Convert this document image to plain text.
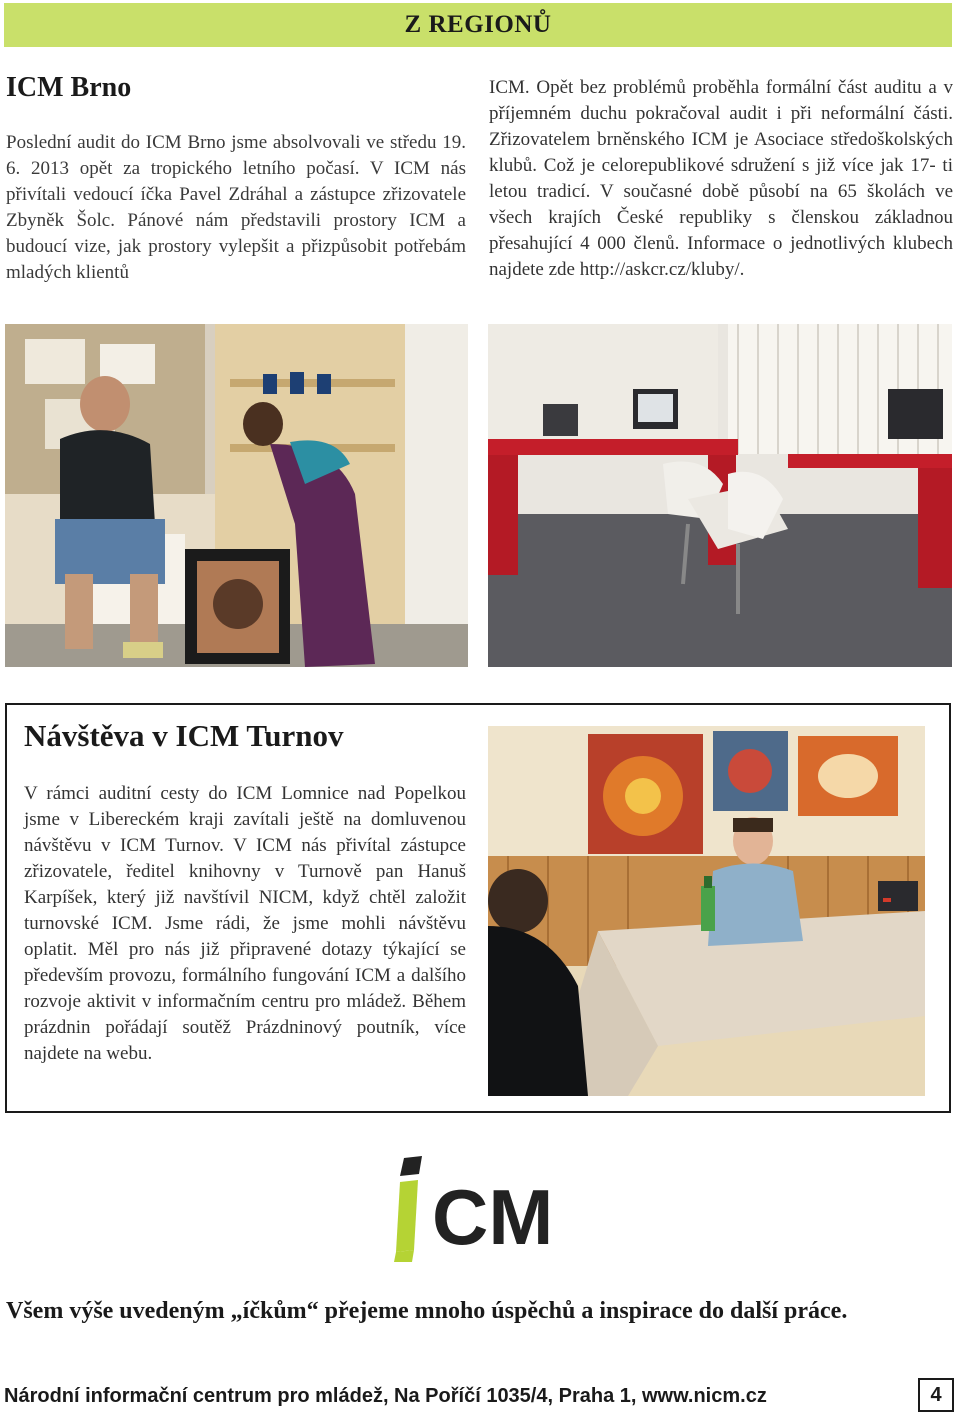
Z REGIONŮ
ICM Brno

Poslední audit do ICM Brno jsme absolvovali ve středu 19. 6. 2013 opět za tropického letního počasí. V ICM nás přivítali vedoucí íčka Pavel Zdráhal a zástupce zřizovatele Zbyněk Šolc. Pánové nám představili prostory ICM a budoucí vize, jak prostory vylepšit a přizpůsobit potřebám mladých klientů

ICM. Opět bez problémů proběhla formální část auditu a v příjemném duchu pokračoval audit i při neformální části. Zřizovatelem brněnského ICM je Asociace středoškolských klubů. Což je celorepublikové sdružení s již více jak 17- ti letou tradicí. V současné době působí na 65 školách ve všech krajích České republiky s členskou základnou přesahující 4 000 členů. Informace o jednotlivých klubech najdete zde http://askcr.cz/kluby/.

Návštěva v ICM Turnov

V rámci auditní cesty do ICM Lomnice nad Popelkou jsme v Libereckém kraji zavítali ještě na domluvenou návštěvu v ICM Turnov. V ICM nás přivítal zástupce zřizovatele, ředitel knihovny v Turnově pan Hanuš Karpíšek, který již navštívil NICM, když chtěl založit turnovské ICM. Jsme rádi, že jsme mohli návštěvu oplatit. Měl pro nás již připravené dotazy týkající se především provozu, formálního fungování ICM a dalšího rozvoje aktivit v informačním centru pro mládež. Během prázdnin pořádají soutěž Prázdninový poutník, více najdete na webu.

CM

Všem výše uvedeným „íčkům“ přejeme mnoho úspěchů a inspirace do další práce.

Národní informační centrum pro mládež, Na Poříčí 1035/4, Praha 1, www.nicm.cz	4
